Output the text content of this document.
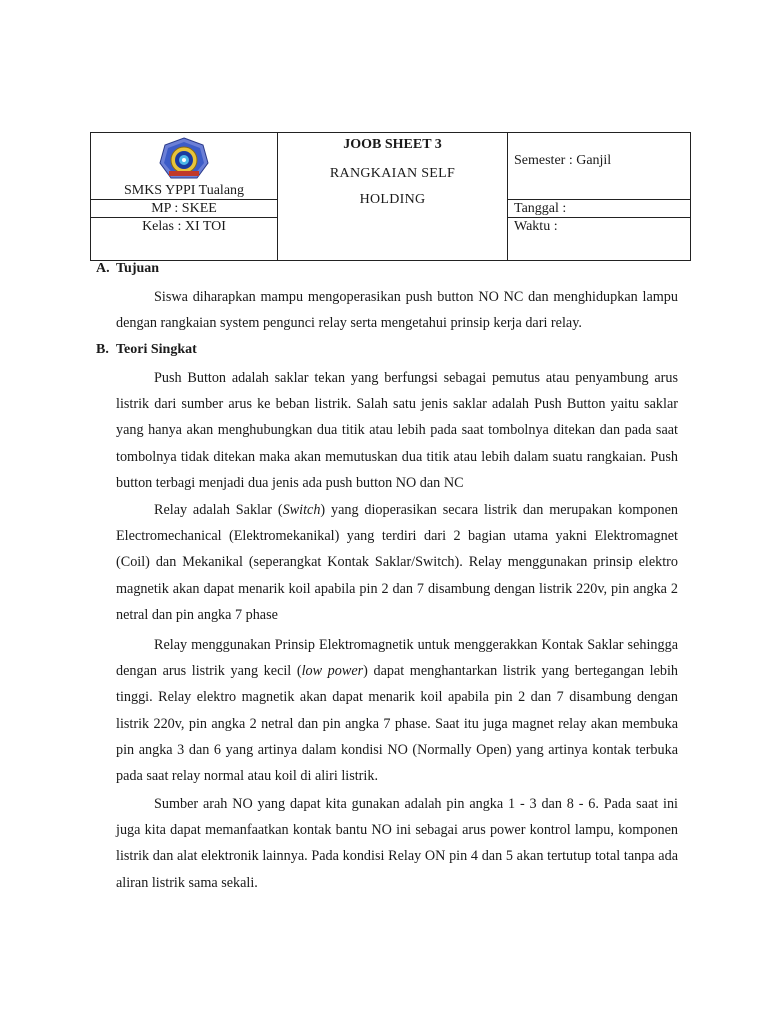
SMKS YPPI Tualang	JOOB SHEET 3
RANGKAIAN SELF
HOLDING	Semester : Ganjil
MP : SKEE		Tanggal :
Kelas : XI TOI		Waktu :
A. Tujuan

Siswa diharapkan mampu mengoperasikan push button NO NC dan menghidupkan lampu dengan rangkaian system pengunci relay serta mengetahui prinsip kerja dari relay.

B. Teori Singkat

Push Button adalah saklar tekan yang berfungsi sebagai pemutus atau penyambung arus listrik dari sumber arus ke beban listrik. Salah satu jenis saklar adalah Push Button yaitu saklar yang hanya akan menghubungkan dua titik atau lebih pada saat tombolnya ditekan dan pada saat tombolnya tidak ditekan maka akan memutuskan dua titik atau lebih dalam suatu rangkaian. Push button terbagi menjadi dua jenis ada push button NO dan NC

Relay adalah Saklar (Switch) yang dioperasikan secara listrik dan merupakan komponen Electromechanical (Elektromekanikal) yang terdiri dari 2 bagian utama yakni Elektromagnet (Coil) dan Mekanikal (seperangkat Kontak Saklar/Switch). Relay menggunakan prinsip elektro magnetik akan dapat menarik koil apabila pin 2 dan 7 disambung dengan listrik 220v, pin angka 2 netral dan pin angka 7 phase

Relay menggunakan Prinsip Elektromagnetik untuk menggerakkan Kontak Saklar sehingga dengan arus listrik yang kecil (low power) dapat menghantarkan listrik yang bertegangan lebih tinggi. Relay elektro magnetik akan dapat menarik koil apabila pin 2 dan 7 disambung dengan listrik 220v, pin angka 2 netral dan pin angka 7 phase. Saat itu juga magnet relay akan membuka pin angka 3 dan 6 yang artinya dalam kondisi NO (Normally Open) yang artinya kontak terbuka pada saat relay normal atau koil di aliri listrik.

Sumber arah NO yang dapat kita gunakan adalah pin angka 1 - 3 dan 8 - 6. Pada saat ini juga kita dapat memanfaatkan kontak bantu NO ini sebagai arus power kontrol lampu, komponen listrik dan alat elektronik lainnya. Pada kondisi Relay ON pin 4 dan 5 akan tertutup total tanpa ada aliran listrik sama sekali.
